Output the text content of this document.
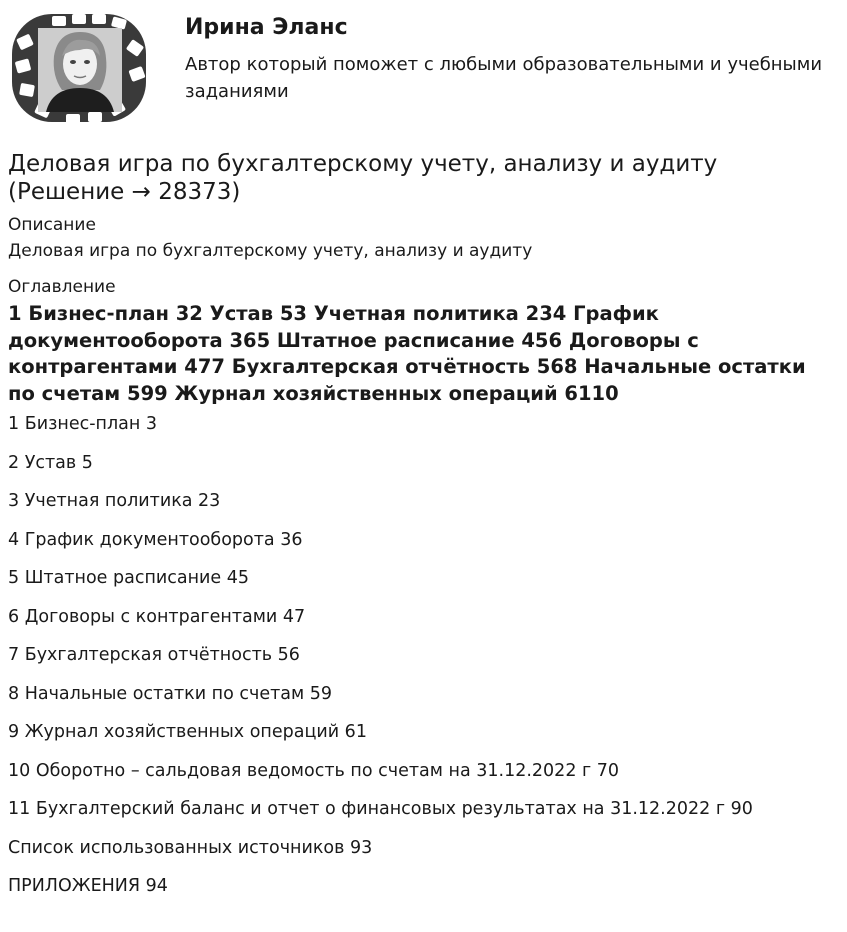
Ирина Эланс
Автор который поможет с любыми образовательными и учебными заданиями
Деловая игра по бухгалтерскому учету, анализу и аудиту (Решение → 28373)

Описание

Деловая игра по бухгалтерскому учету, анализу и аудиту

Оглавление

1 Бизнес-план 32 Устав 53 Учетная политика 234 График документооборота 365 Штатное расписание 456 Договоры с контрагентами 477 Бухгалтерская отчётность 568 Начальные остатки по счетам 599 Журнал хозяйственных операций 6110

1 Бизнес-план 3
2 Устав 5
3 Учетная политика 23
4 График документооборота 36
5 Штатное расписание 45
6 Договоры с контрагентами 47
7 Бухгалтерская отчётность 56
8 Начальные остатки по счетам 59
9 Журнал хозяйственных операций 61
10 Оборотно – сальдовая ведомость по счетам на 31.12.2022 г 70
11 Бухгалтерский баланс и отчет о финансовых результатах на 31.12.2022 г 90
Список использованных источников 93
ПРИЛОЖЕНИЯ 94
